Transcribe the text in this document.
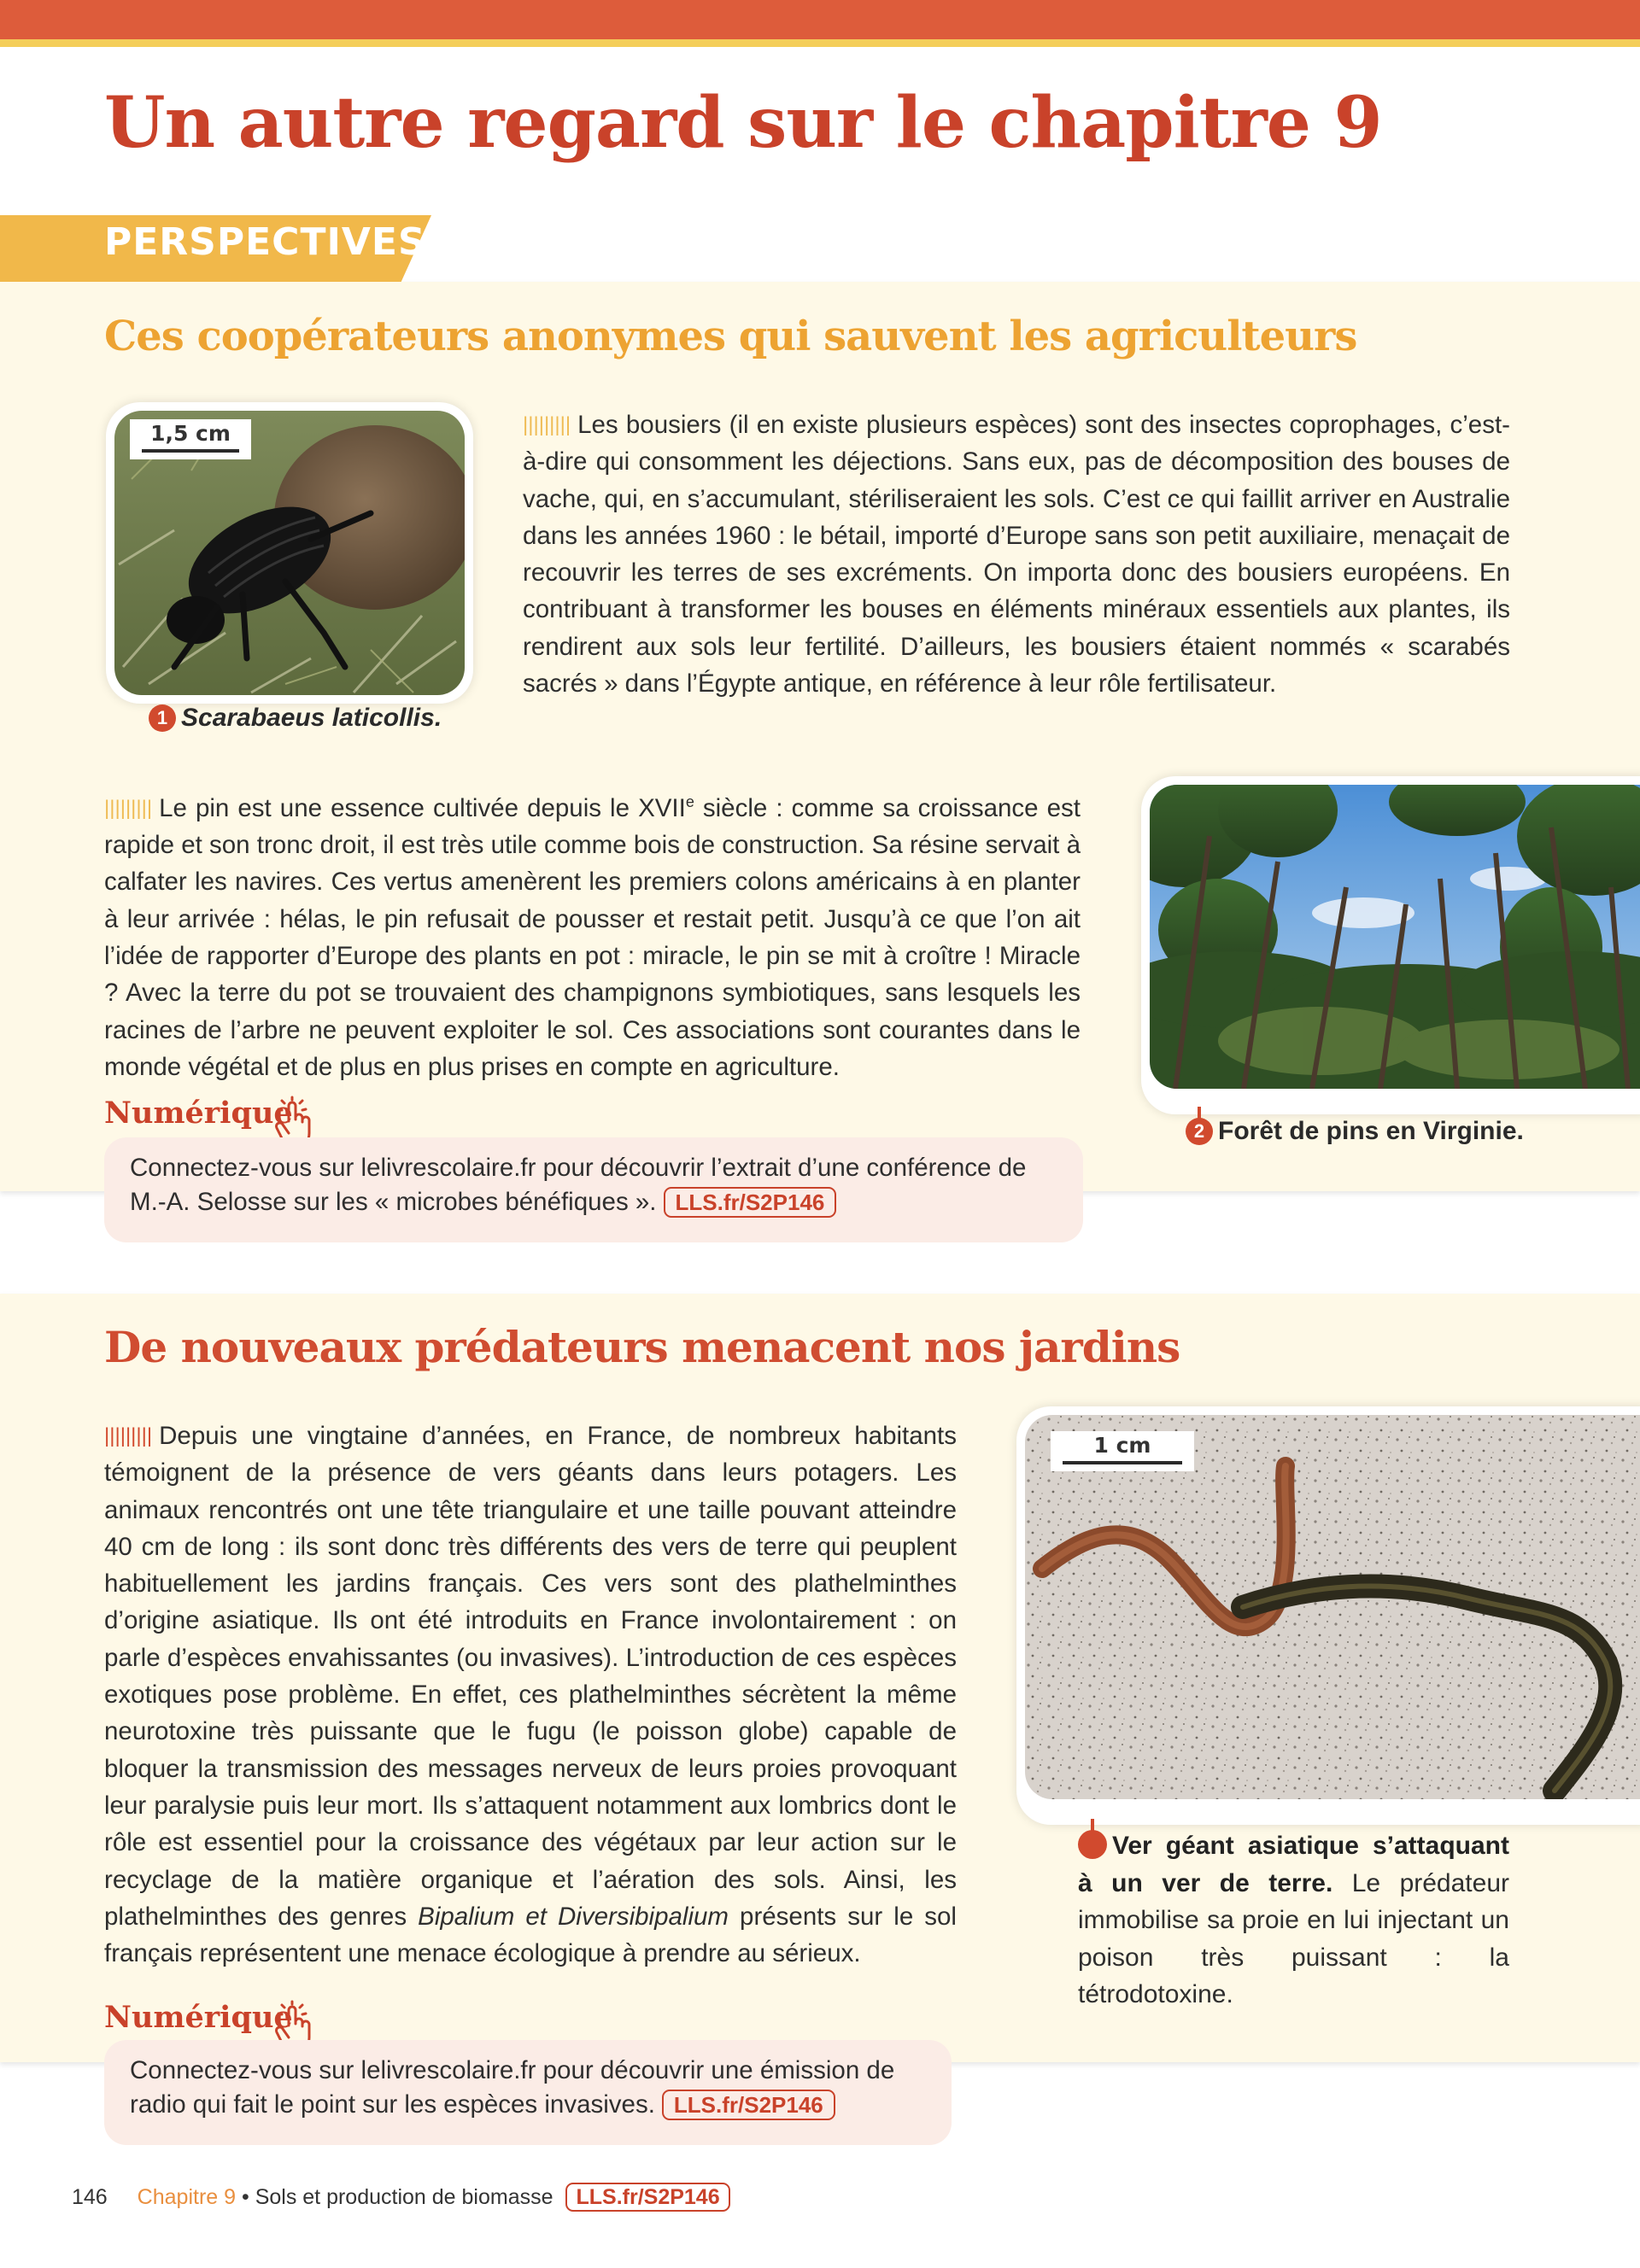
Un autre regard sur le chapitre 9
PERSPECTIVES
Ces coopérateurs anonymes qui sauvent les agriculteurs
1,5 cm
1 Scarabaeus laticollis.

||||||||| Les bousiers (il en existe plusieurs espèces) sont des insectes coprophages, c’est-à-dire qui consomment les déjections. Sans eux, pas de décomposition des bouses de vache, qui, en s’accumulant, stériliseraient les sols. C’est ce qui faillit arriver en Australie dans les années 1960 : le bétail, importé d’Europe sans son petit auxiliaire, menaçait de recouvrir les terres de ses excréments. On importa donc des bousiers européens. En contribuant à transformer les bouses en éléments minéraux essentiels aux plantes, ils rendirent aux sols leur fertilité. D’ailleurs, les bousiers étaient nommés « scarabés sacrés » dans l’Égypte antique, en référence à leur rôle fertilisateur.

||||||||| Le pin est une essence cultivée depuis le XVIIe siècle : comme sa croissance est rapide et son tronc droit, il est très utile comme bois de construction. Sa résine servait à calfater les navires. Ces vertus amenèrent les premiers colons américains à en planter à leur arrivée : hélas, le pin refusait de pousser et restait petit. Jusqu’à ce que l’on ait l’idée de rapporter d’Europe des plants en pot : miracle, le pin se mit à croître ! Miracle ? Avec la terre du pot se trouvaient des champignons symbiotiques, sans lesquels les racines de l’arbre ne peuvent exploiter le sol. Ces associations sont courantes dans le monde végétal et de plus en plus prises en compte en agriculture.

2 Forêt de pins en Virginie.
Numérique
Connectez-vous sur lelivrescolaire.fr pour découvrir l’extrait d’une conférence de M.-A. Selosse sur les « microbes bénéfiques ». LLS.fr/S2P146
De nouveaux prédateurs menacent nos jardins

||||||||| Depuis une vingtaine d’années, en France, de nombreux habitants témoignent de la présence de vers géants dans leurs potagers. Les animaux rencontrés ont une tête triangulaire et une taille pouvant atteindre 40 cm de long : ils sont donc très différents des vers de terre qui peuplent habituellement les jardins français. Ces vers sont des plathelminthes d’origine asiatique. Ils ont été introduits en France involontairement : on parle d’espèces envahissantes (ou invasives). L’introduction de ces espèces exotiques pose problème. En effet, ces plathelminthes sécrètent la même neurotoxine très puissante que le fugu (le poisson globe) capable de bloquer la transmission des messages nerveux de leurs proies provoquant leur paralysie puis leur mort. Ils s’attaquent notamment aux lombrics dont le rôle est essentiel pour la croissance des végétaux par leur action sur le recyclage de la matière organique et l’aération des sols. Ainsi, les plathelminthes des genres Bipalium et Diversibipalium présents sur le sol français représentent une menace écologique à prendre au sérieux.

1 cm

Ver géant asiatique s’attaquant à un ver de terre. Le prédateur immobilise sa proie en lui injectant un poison très puissant : la tétrodotoxine.

Numérique
Connectez-vous sur lelivrescolaire.fr pour découvrir une émission de radio qui fait le point sur les espèces invasives. LLS.fr/S2P146
146 Chapitre 9 • Sols et production de biomasse LLS.fr/S2P146
